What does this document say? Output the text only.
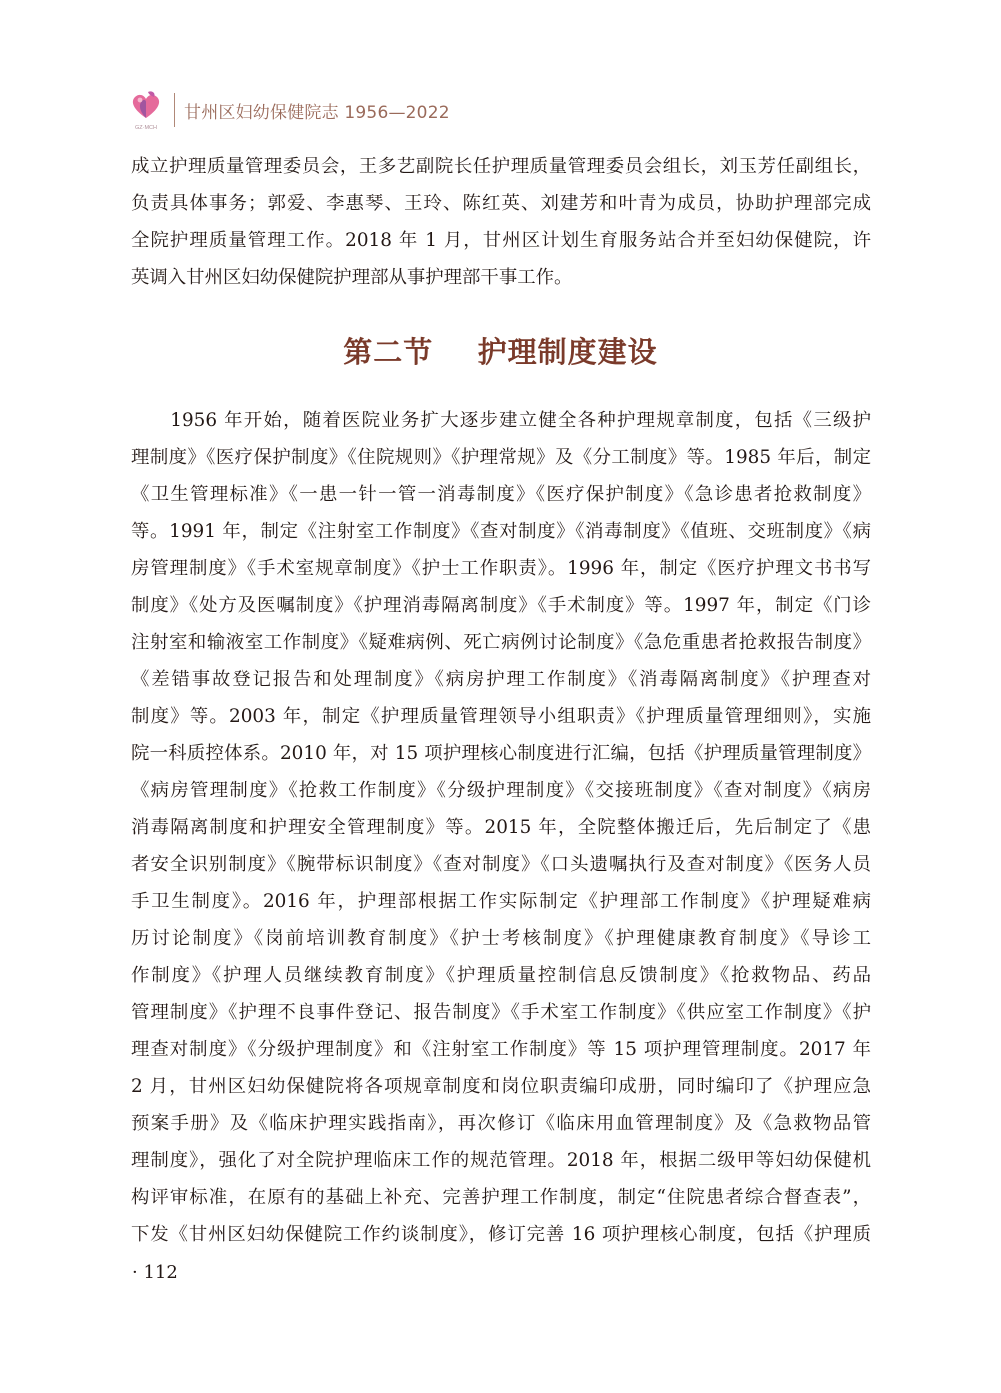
GZ·MCH
甘州区妇幼保健院志 1956—2022
成立护理质量管理委员会，王多艺副院长任护理质量管理委员会组长，刘玉芳任副组长，
负责具体事务；郭爱、李惠琴、王玲、陈红英、刘建芳和叶青为成员，协助护理部完成
全院护理质量管理工作。2018 年 1 月，甘州区计划生育服务站合并至妇幼保健院，许
英调入甘州区妇幼保健院护理部从事护理部干事工作。
第二节    护理制度建设
　　1956 年开始，随着医院业务扩大逐步建立健全各种护理规章制度，包括《三级护
理制度》《医疗保护制度》《住院规则》《护理常规》及《分工制度》等。1985 年后，制定
《卫生管理标准》《一患一针一管一消毒制度》《医疗保护制度》《急诊患者抢救制度》
等。1991 年，制定《注射室工作制度》《查对制度》《消毒制度》《值班、交班制度》《病
房管理制度》《手术室规章制度》《护士工作职责》。1996 年，制定《医疗护理文书书写
制度》《处方及医嘱制度》《护理消毒隔离制度》《手术制度》等。1997 年，制定《门诊
注射室和输液室工作制度》《疑难病例、死亡病例讨论制度》《急危重患者抢救报告制度》
《差错事故登记报告和处理制度》《病房护理工作制度》《消毒隔离制度》《护理查对
制度》等。2003 年，制定《护理质量管理领导小组职责》《护理质量管理细则》，实施
院一科质控体系。2010 年，对 15 项护理核心制度进行汇编，包括《护理质量管理制度》
《病房管理制度》《抢救工作制度》《分级护理制度》《交接班制度》《查对制度》《病房
消毒隔离制度和护理安全管理制度》等。2015 年，全院整体搬迁后，先后制定了《患
者安全识别制度》《腕带标识制度》《查对制度》《口头遗嘱执行及查对制度》《医务人员
手卫生制度》。2016 年，护理部根据工作实际制定《护理部工作制度》《护理疑难病
历讨论制度》《岗前培训教育制度》《护士考核制度》《护理健康教育制度》《导诊工
作制度》《护理人员继续教育制度》《护理质量控制信息反馈制度》《抢救物品、药品
管理制度》《护理不良事件登记、报告制度》《手术室工作制度》《供应室工作制度》《护
理查对制度》《分级护理制度》和《注射室工作制度》等 15 项护理管理制度。2017 年
2 月，甘州区妇幼保健院将各项规章制度和岗位职责编印成册，同时编印了《护理应急
预案手册》及《临床护理实践指南》，再次修订《临床用血管理制度》及《急救物品管
理制度》，强化了对全院护理临床工作的规范管理。2018 年，根据二级甲等妇幼保健机
构评审标准，在原有的基础上补充、完善护理工作制度，制定“住院患者综合督查表”，
下发《甘州区妇幼保健院工作约谈制度》，修订完善 16 项护理核心制度，包括《护理质
· 112
